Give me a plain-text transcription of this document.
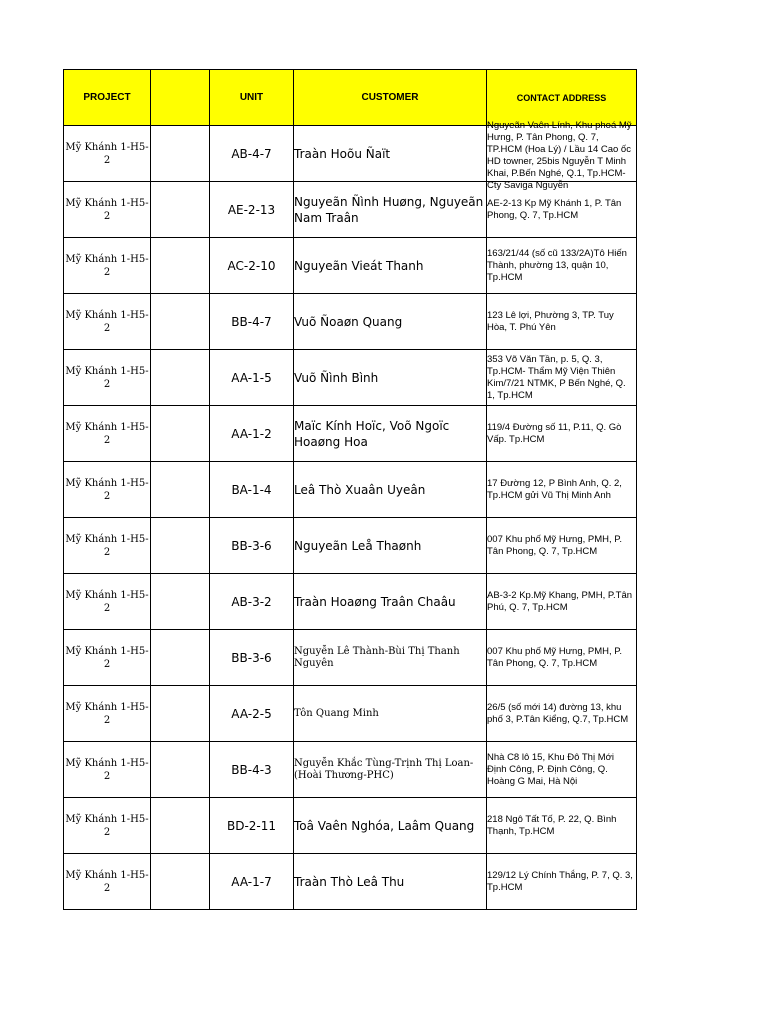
PROJECT		UNIT	CUSTOMER	CONTACT ADDRESS
Mỹ Khánh 1-H5-2		AB-4-7	Traàn Hoõu Ñaït	Nguyeãn Vaên Lính, Khu phoá Mỹ Hưng, P. Tân Phong, Q. 7, TP.HCM (Hoa Lý) / Lầu 14 Cao ốc HD towner, 25bis Nguyễn T Minh Khai, P.Bến Nghé, Q.1, Tp.HCM-Cty Saviga Nguyễn

Mỹ Khánh 1-H5-2		AE-2-13	Nguyeãn Ñình Huøng, Nguyeãn Nam Traân	AE-2-13 Kp Mỹ Khánh 1, P. Tân Phong, Q. 7, Tp.HCM
Mỹ Khánh 1-H5-2		AC-2-10	Nguyeãn Vieát Thanh	163/21/44 (số cũ 133/2A)Tô Hiến Thành, phường 13, quận 10, Tp.HCM
Mỹ Khánh 1-H5-2		BB-4-7	Vuõ Ñoaøn Quang	123 Lê lợi, Phường 3, TP. Tuy Hòa, T. Phú Yên
Mỹ Khánh 1-H5-2		AA-1-5	Vuõ Ñình Bình	353 Võ Văn Tần, p. 5, Q. 3, Tp.HCM- Thẩm Mỹ Viện Thiên Kim/7/21 NTMK, P Bến Nghé, Q. 1, Tp.HCM
Mỹ Khánh 1-H5-2		AA-1-2	Maïc Kính Hoïc, Voõ Ngoïc Hoaøng Hoa	119/4 Đường số 11, P.11, Q. Gò Vấp. Tp.HCM
Mỹ Khánh 1-H5-2		BA-1-4	Leâ Thò Xuaân Uyeân	17 Đường 12, P Bình Anh, Q. 2, Tp.HCM gửi Vũ Thị Minh Anh
Mỹ Khánh 1-H5-2		BB-3-6	Nguyeãn Leå Thaønh	007 Khu phố Mỹ Hưng, PMH, P. Tân Phong, Q. 7, Tp.HCM
Mỹ Khánh 1-H5-2		AB-3-2	Traàn Hoaøng Traân Chaâu	AB-3-2 Kp.Mỹ Khang, PMH, P.Tân Phú, Q. 7, Tp.HCM
Mỹ Khánh 1-H5-2		BB-3-6	Nguyễn Lê Thành-Bùi Thị Thanh Nguyên	007 Khu phố Mỹ Hưng, PMH, P. Tân Phong, Q. 7, Tp.HCM
Mỹ Khánh 1-H5-2		AA-2-5	Tôn Quang Minh	26/5 (số mới 14) đường 13, khu phố 3, P.Tân Kiểng, Q.7, Tp.HCM
Mỹ Khánh 1-H5-2		BB-4-3	Nguyễn Khắc Tùng-Trịnh Thị Loan-(Hoài Thương-PHC)	Nhà C8 lô 15, Khu Đô Thị Mới Định Công, P. Định Công, Q. Hoàng G Mai, Hà Nội
Mỹ Khánh 1-H5-2		BD-2-11	Toâ Vaên Nghóa, Laâm Quang	218 Ngô Tất Tố, P. 22, Q. Bình Thạnh, Tp.HCM
Mỹ Khánh 1-H5-2		AA-1-7	Traàn Thò Leâ Thu	129/12 Lý Chính Thắng, P. 7, Q. 3, Tp.HCM
